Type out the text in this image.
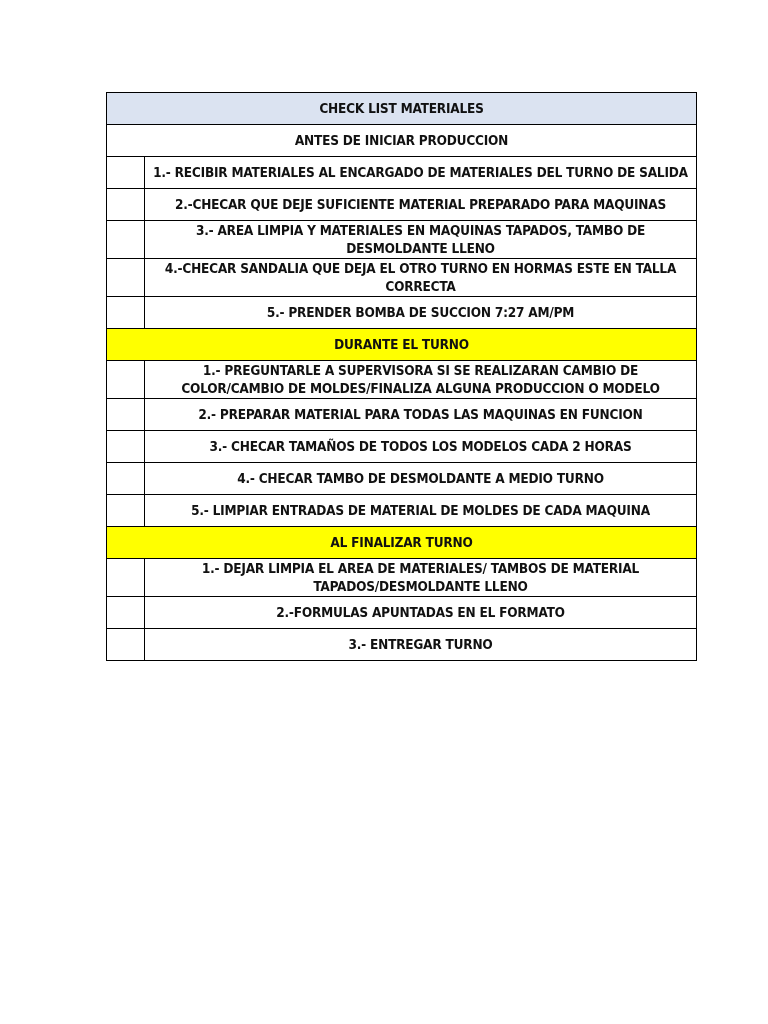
CHECK LIST MATERIALES	
ANTES DE INICIAR PRODUCCION	
	1.- RECIBIR MATERIALES AL ENCARGADO DE MATERIALES DEL TURNO DE SALIDA
	2.-CHECAR QUE DEJE SUFICIENTE MATERIAL PREPARADO PARA MAQUINAS
	3.- AREA LIMPIA Y MATERIALES EN MAQUINAS TAPADOS, TAMBO DE DESMOLDANTE LLENO
	4.-CHECAR SANDALIA QUE DEJA EL OTRO TURNO EN HORMAS ESTE EN TALLA CORRECTA
	5.- PRENDER BOMBA DE SUCCION 7:27 AM/PM
DURANTE EL TURNO	
	1.- PREGUNTARLE A SUPERVISORA SI SE REALIZARAN CAMBIO DE COLOR/CAMBIO DE MOLDES/FINALIZA ALGUNA PRODUCCION O MODELO
	2.- PREPARAR MATERIAL PARA TODAS LAS MAQUINAS EN FUNCION
	3.- CHECAR TAMAÑOS DE TODOS LOS MODELOS CADA 2 HORAS
	4.- CHECAR TAMBO DE DESMOLDANTE A MEDIO TURNO
	5.- LIMPIAR ENTRADAS DE MATERIAL DE MOLDES DE CADA MAQUINA
AL FINALIZAR TURNO	
	1.- DEJAR LIMPIA EL AREA DE MATERIALES/ TAMBOS DE MATERIAL TAPADOS/DESMOLDANTE LLENO
	2.-FORMULAS APUNTADAS EN EL FORMATO
	3.- ENTREGAR TURNO
